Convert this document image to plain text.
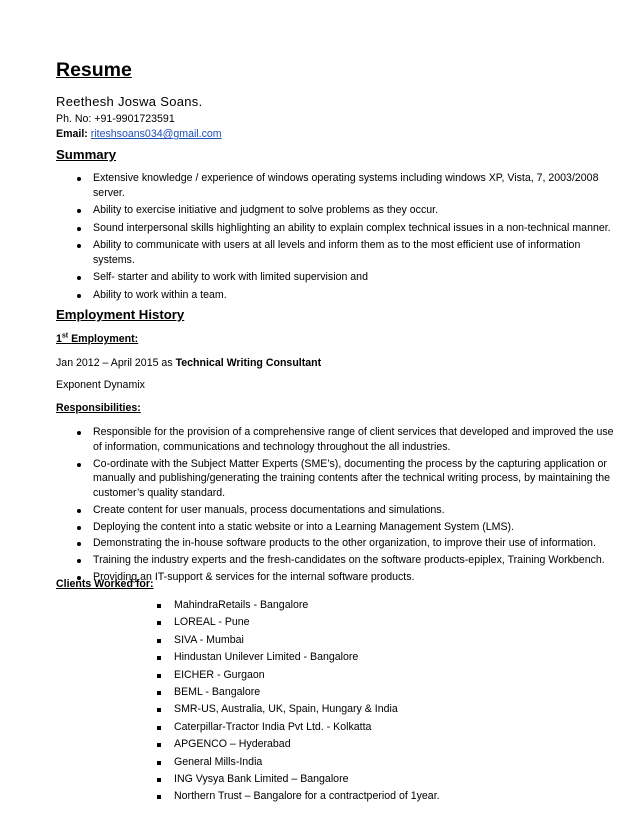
Resume
Reethesh Joswa Soans.
Ph. No: +91-9901723591
Email: riteshsoans034@gmail.com
Summary
Extensive knowledge / experience of windows operating systems including windows XP, Vista, 7, 2003/2008
server.
Ability to exercise initiative and judgment to solve problems as they occur.
Sound interpersonal skills highlighting an ability to explain complex technical issues in a non-technical manner.
Ability to communicate with users at all levels and inform them as to the most efficient use of information
systems.
Self- starter and ability to work with limited supervision and
Ability to work within a team.
Employment History
1st Employment:
Jan 2012 – April 2015 as Technical Writing Consultant
Exponent Dynamix
Responsibilities:
Responsible for the provision of a comprehensive range of client services that developed and improved the use
of information, communications and technology throughout the all industries.
Co-ordinate with the Subject Matter Experts (SME’s), documenting the process by the capturing application or
manually and publishing/generating the training contents after the technical writing process, by maintaining the
customer’s quality standard.
Create content for user manuals, process documentations and simulations.
Deploying the content into a static website or into a Learning Management System (LMS).
Demonstrating the in-house software products to the other organization, to improve their use of information.
Training the industry experts and the fresh-candidates on the software products-epiplex, Training Workbench.
Providing an IT-support & services for the internal software products.
Clients Worked for:
MahindraRetails - Bangalore
LOREAL - Pune
SIVA - Mumbai
Hindustan Unilever Limited - Bangalore
EICHER - Gurgaon
BEML - Bangalore
SMR-US, Australia, UK, Spain, Hungary & India
Caterpillar-Tractor India Pvt Ltd. - Kolkatta
APGENCO – Hyderabad
General Mills-India
ING Vysya Bank Limited – Bangalore
Northern Trust – Bangalore for a contractperiod of 1year.
